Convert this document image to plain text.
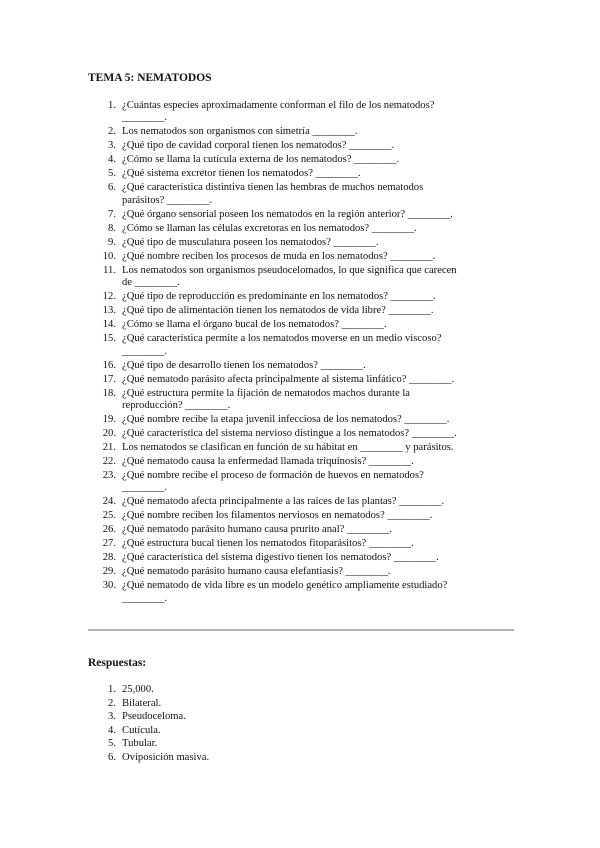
TEMA 5: NEMATODOS
1. ¿Cuántas especies aproximadamente conforman el filo de los nematodos?
________.
2. Los nematodos son organismos con simetría ________.
3. ¿Qué tipo de cavidad corporal tienen los nematodos? ________.
4. ¿Cómo se llama la cutícula externa de los nematodos? ________.
5. ¿Qué sistema excretor tienen los nematodos? ________.
6. ¿Qué característica distintiva tienen las hembras de muchos nematodos
parásitos? ________.
7. ¿Qué órgano sensorial poseen los nematodos en la región anterior? ________.
8. ¿Cómo se llaman las células excretoras en los nematodos? ________.
9. ¿Qué tipo de musculatura poseen los nematodos? ________.
10. ¿Qué nombre reciben los procesos de muda en los nematodos? ________.
11. Los nematodos son organismos pseudocelomados, lo que significa que carecen
de ________.
12. ¿Qué tipo de reproducción es predominante en los nematodos? ________.
13. ¿Qué tipo de alimentación tienen los nematodos de vida libre? ________.
14. ¿Cómo se llama el órgano bucal de los nematodos? ________.
15. ¿Qué característica permite a los nematodos moverse en un medio viscoso?
________.
16. ¿Qué tipo de desarrollo tienen los nematodos? ________.
17. ¿Qué nematodo parásito afecta principalmente al sistema linfático? ________.
18. ¿Qué estructura permite la fijación de nematodos machos durante la
reproducción? ________.
19. ¿Qué nombre recibe la etapa juvenil infecciosa de los nematodos? ________.
20. ¿Qué característica del sistema nervioso distingue a los nematodos? ________.
21. Los nematodos se clasifican en función de su hábitat en ________ y parásitos.
22. ¿Qué nematodo causa la enfermedad llamada triquinosis? ________.
23. ¿Qué nombre recibe el proceso de formación de huevos en nematodos?
________.
24. ¿Qué nematodo afecta principalmente a las raíces de las plantas? ________.
25. ¿Qué nombre reciben los filamentos nerviosos en nematodos? ________.
26. ¿Qué nematodo parásito humano causa prurito anal? ________.
27. ¿Qué estructura bucal tienen los nematodos fitoparásitos? ________.
28. ¿Qué característica del sistema digestivo tienen los nematodos? ________.
29. ¿Qué nematodo parásito humano causa elefantiasis? ________.
30. ¿Qué nematodo de vida libre es un modelo genético ampliamente estudiado?
________.
Respuestas:
1. 25,000.
2. Bilateral.
3. Pseudoceloma.
4. Cutícula.
5. Tubular.
6. Oviposición masiva.
